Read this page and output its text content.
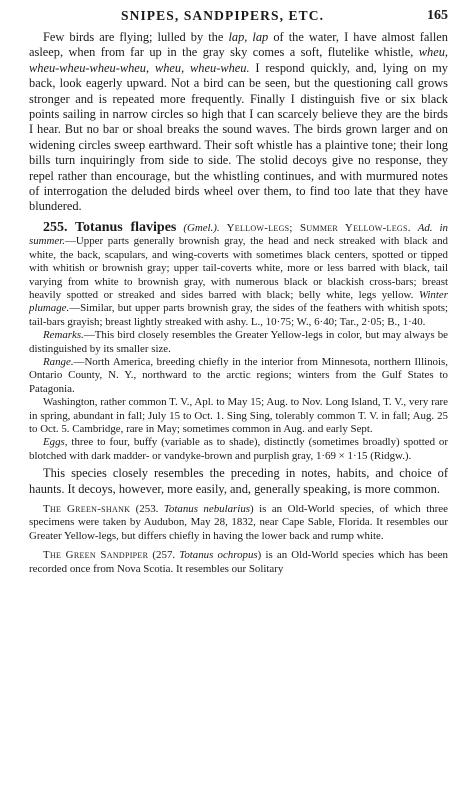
SNIPES, SANDPIPERS, ETC.	165

Few birds are flying; lulled by the lap, lap of the water, I have almost fallen asleep, when from far up in the gray sky comes a soft, flutelike whistle, wheu, wheu-wheu-wheu-wheu, wheu, wheu-wheu. I respond quickly, and, lying on my back, look eagerly upward. Not a bird can be seen, but the questioning call grows stronger and is repeated more frequently. Finally I distinguish five or six black points sailing in narrow circles so high that I can scarcely believe they are the birds I hear. But no bar or shoal breaks the sound waves. The birds grown larger and on widening circles sweep earthward. Their soft whistle has a plaintive tone; their long bills turn inquiringly from side to side. The stolid decoys give no response, they repel rather than encourage, but the whistling continues, and with murmured notes of interrogation the deluded birds wheel over them, to find too late that they have blundered.

255. Totanus flavipes (Gmel.). Yellow-legs; Summer Yellow-legs. Ad. in summer.—Upper parts generally brownish gray, the head and neck streaked with black and white, the back, scapulars, and wing-coverts with sometimes black centers, spotted or tipped with whitish or brownish gray; upper tail-coverts white, more or less barred with black, tail varying from white to brownish gray, with numerous black or blackish cross-bars; breast heavily spotted or streaked and sides barred with black; belly white, legs yellow. Winter plumage.—Similar, but upper parts brownish gray, the sides of the feathers with whitish spots; tail-bars grayish; breast lightly streaked with ashy. L., 10·75; W., 6·40; Tar., 2·05; B., 1·40.

Remarks.—This bird closely resembles the Greater Yellow-legs in color, but may always be distinguished by its smaller size.

Range.—North America, breeding chiefly in the interior from Minnesota, northern Illinois, Ontario County, N. Y., northward to the arctic regions; winters from the Gulf States to Patagonia.

Washington, rather common T. V., Apl. to May 15; Aug. to Nov. Long Island, T. V., very rare in spring, abundant in fall; July 15 to Oct. 1. Sing Sing, tolerably common T. V. in fall; Aug. 25 to Oct. 5. Cambridge, rare in May; sometimes common in Aug. and early Sept.

Eggs, three to four, buffy (variable as to shade), distinctly (sometimes broadly) spotted or blotched with dark madder- or vandyke-brown and purplish gray, 1·69 × 1·15 (Ridgw.).

This species closely resembles the preceding in notes, habits, and choice of haunts. It decoys, however, more easily, and, generally speaking, is more common.

The Green-shank (253. Totanus nebularius) is an Old-World species, of which three specimens were taken by Audubon, May 28, 1832, near Cape Sable, Florida. It resembles our Greater Yellow-legs, but differs chiefly in having the lower back and rump white.

The Green Sandpiper (257. Totanus ochropus) is an Old-World species which has been recorded once from Nova Scotia. It resembles our Solitary
